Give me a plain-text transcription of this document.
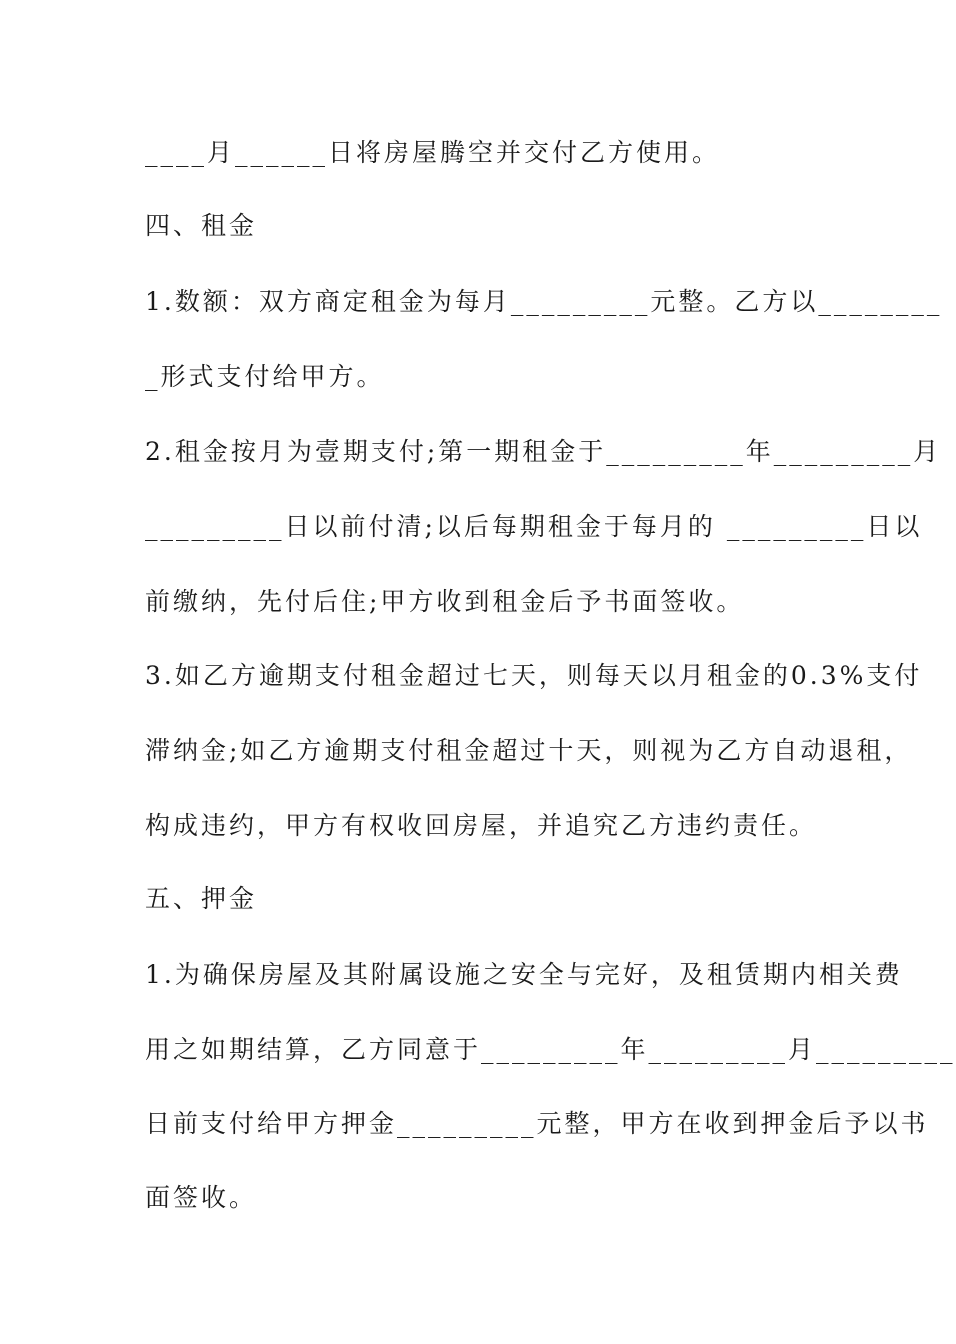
____月______日将房屋腾空并交付乙方使用。
四、租金
1.数额：双方商定租金为每月_________元整。乙方以________
_形式支付给甲方。
2.租金按月为壹期支付;第一期租金于_________年_________月
_________日以前付清;以后每期租金于每月的 _________日以
前缴纳，先付后住;甲方收到租金后予书面签收。
3.如乙方逾期支付租金超过七天，则每天以月租金的0.3%支付
滞纳金;如乙方逾期支付租金超过十天，则视为乙方自动退租，
构成违约，甲方有权收回房屋，并追究乙方违约责任。
五、押金
1.为确保房屋及其附属设施之安全与完好，及租赁期内相关费
用之如期结算，乙方同意于_________年_________月_________
日前支付给甲方押金_________元整，甲方在收到押金后予以书
面签收。
